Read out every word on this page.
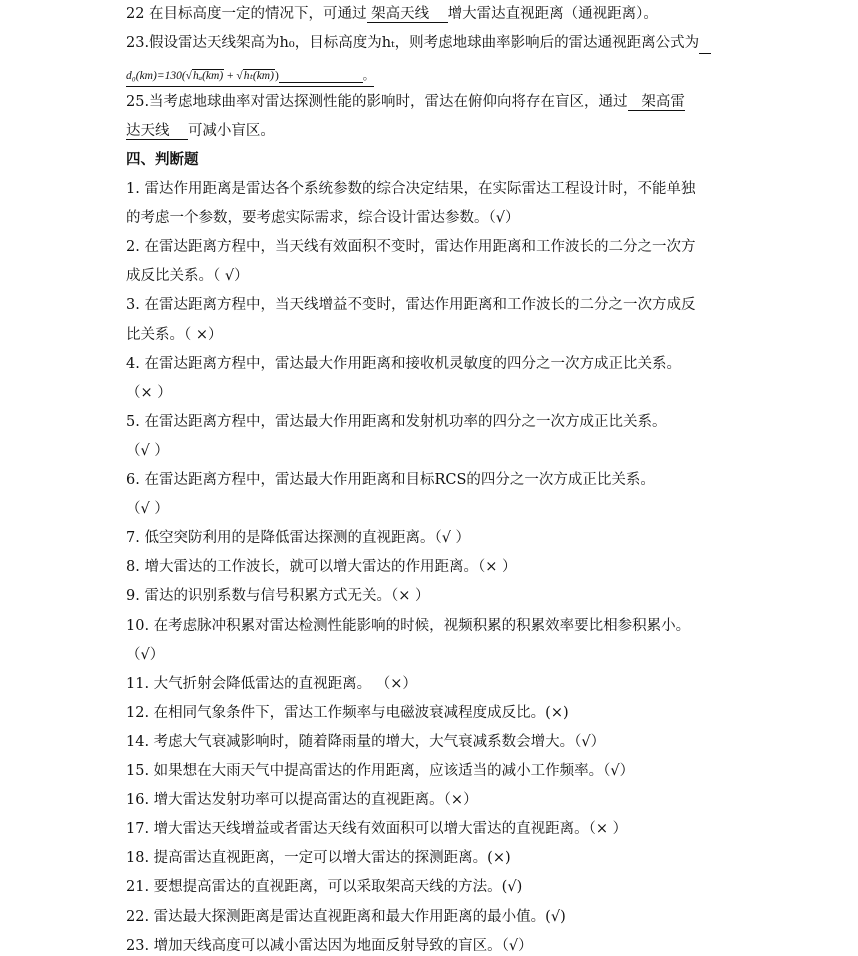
22 在目标高度一定的情况下，可通过 架高天线 增大雷达直视距离（通视距离）。
23.假设雷达天线架高为h₀，目标高度为hₜ，则考虑地球曲率影响后的雷达通视距离公式为
d₀(km)=130(√hₐ(km) + √hₜ(km))	。
25.当考虑地球曲率对雷达探测性能的影响时，雷达在俯仰向将存在盲区，通过 架高雷
达天线 可减小盲区。
四、判断题
1. 雷达作用距离是雷达各个系统参数的综合决定结果，在实际雷达工程设计时，不能单独
的考虑一个参数，要考虑实际需求，综合设计雷达参数。（√）
2. 在雷达距离方程中，当天线有效面积不变时，雷达作用距离和工作波长的二分之一次方
成反比关系。（ √）
3. 在雷达距离方程中，当天线增益不变时，雷达作用距离和工作波长的二分之一次方成反
比关系。（ ×）
4. 在雷达距离方程中，雷达最大作用距离和接收机灵敏度的四分之一次方成正比关系。
（× ）
5. 在雷达距离方程中，雷达最大作用距离和发射机功率的四分之一次方成正比关系。
（√ ）
6. 在雷达距离方程中，雷达最大作用距离和目标RCS的四分之一次方成正比关系。
（√ ）
7. 低空突防利用的是降低雷达探测的直视距离。（√ ）
8. 增大雷达的工作波长，就可以增大雷达的作用距离。（× ）
9. 雷达的识别系数与信号积累方式无关。（× ）
10. 在考虑脉冲积累对雷达检测性能影响的时候，视频积累的积累效率要比相参积累小。
（√）
11. 大气折射会降低雷达的直视距离。 （×）
12. 在相同气象条件下，雷达工作频率与电磁波衰减程度成反比。(×)
14. 考虑大气衰减影响时，随着降雨量的增大，大气衰减系数会增大。（√）
15. 如果想在大雨天气中提高雷达的作用距离，应该适当的减小工作频率。（√）
16. 增大雷达发射功率可以提高雷达的直视距离。（×）
17. 增大雷达天线增益或者雷达天线有效面积可以增大雷达的直视距离。（× ）
18. 提高雷达直视距离，一定可以增大雷达的探测距离。(×)
21. 要想提高雷达的直视距离，可以采取架高天线的方法。(√)
22. 雷达最大探测距离是雷达直视距离和最大作用距离的最小值。(√)
23. 增加天线高度可以减小雷达因为地面反射导致的盲区。（√）
